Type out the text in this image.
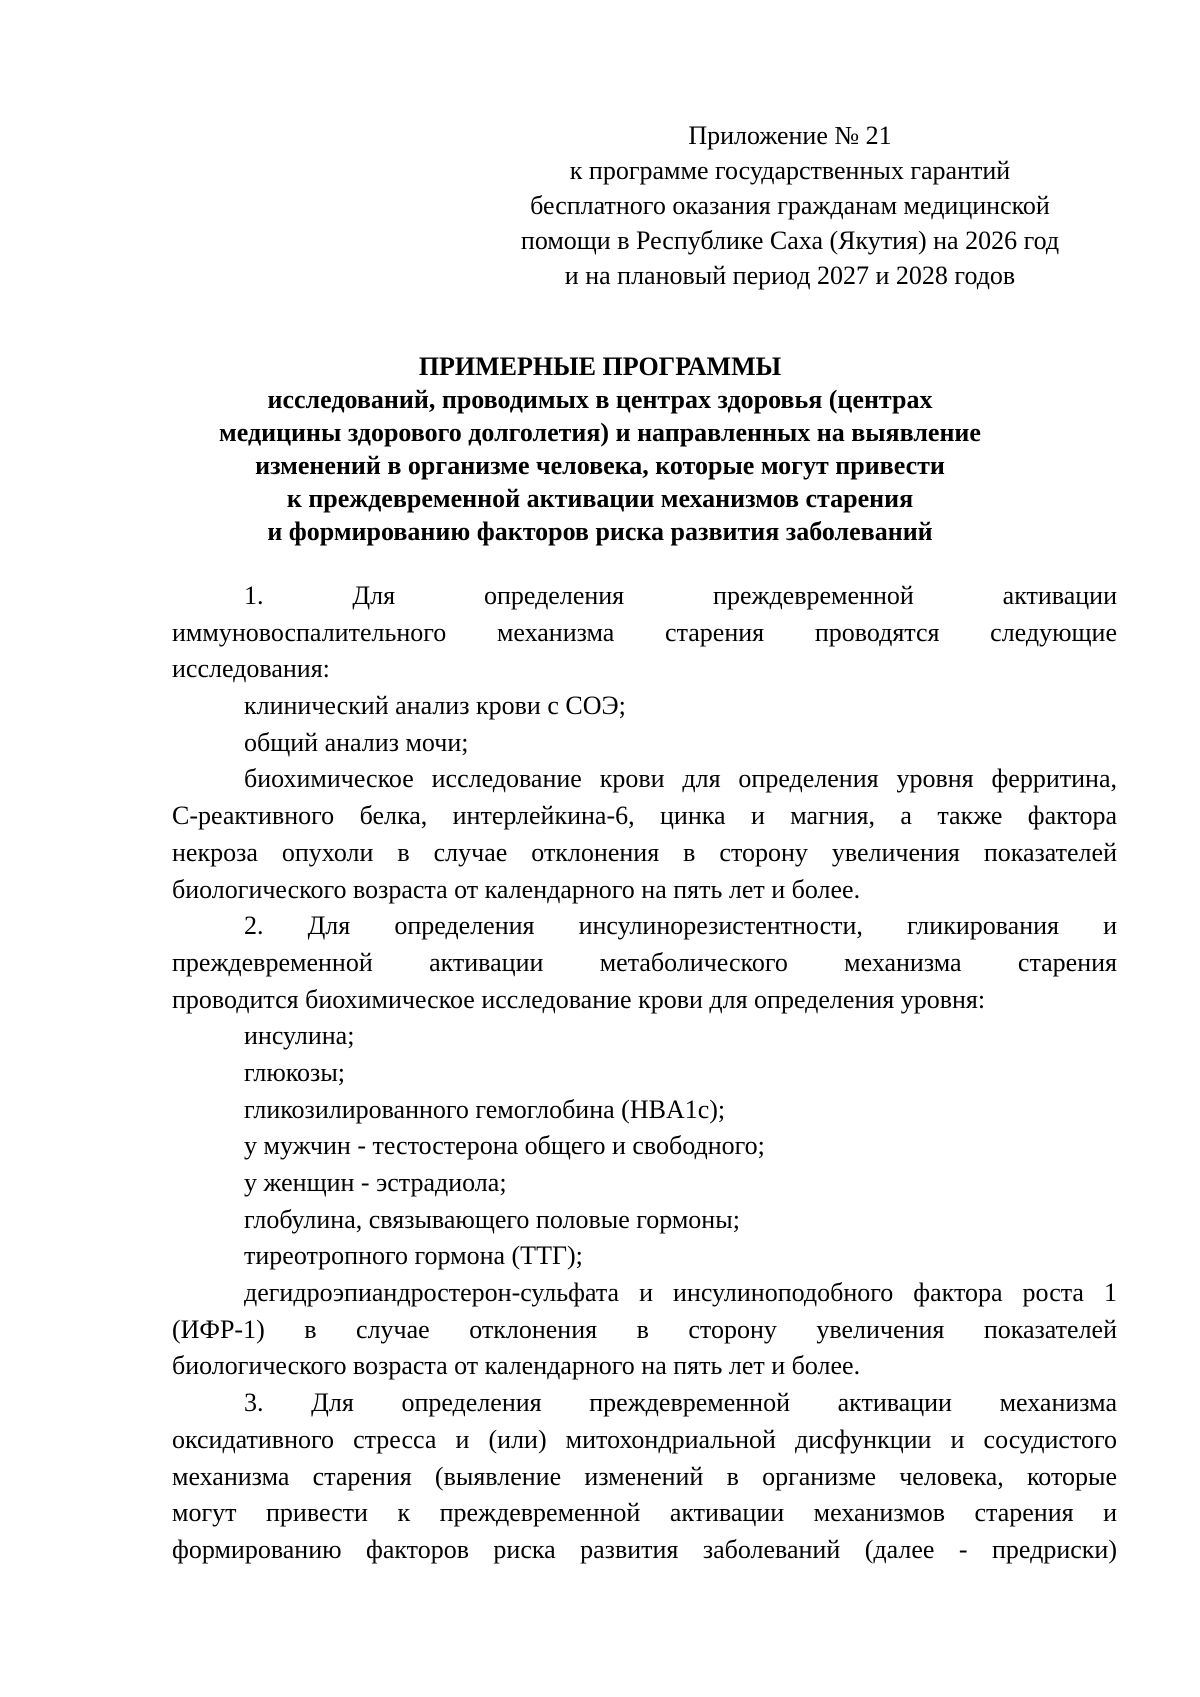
Приложение № 21
к программе государственных гарантий
бесплатного оказания гражданам медицинской
помощи в Республике Саха (Якутия) на 2026 год
и на плановый период 2027 и 2028 годов
ПРИМЕРНЫЕ ПРОГРАММЫ
исследований, проводимых в центрах здоровья (центрах
медицины здорового долголетия) и направленных на выявление
изменений в организме человека, которые могут привести
к преждевременной активации механизмов старения
и формированию факторов риска развития заболеваний
1. Для определения преждевременной активации
иммуновоспалительного механизма старения проводятся следующие
исследования:
клинический анализ крови с СОЭ;
общий анализ мочи;
биохимическое исследование крови для определения уровня ферритина,
С-реактивного белка, интерлейкина-6, цинка и магния, а также фактора
некроза опухоли в случае отклонения в сторону увеличения показателей
биологического возраста от календарного на пять лет и более.
2. Для определения инсулинорезистентности, гликирования и
преждевременной активации метаболического механизма старения
проводится биохимическое исследование крови для определения уровня:
инсулина;
глюкозы;
гликозилированного гемоглобина (HBA1c);
у мужчин - тестостерона общего и свободного;
у женщин - эстрадиола;
глобулина, связывающего половые гормоны;
тиреотропного гормона (ТТГ);
дегидроэпиандростерон-сульфата и инсулиноподобного фактора роста 1
(ИФР-1) в случае отклонения в сторону увеличения показателей
биологического возраста от календарного на пять лет и более.
3. Для определения преждевременной активации механизма
оксидативного стресса и (или) митохондриальной дисфункции и сосудистого
механизма старения (выявление изменений в организме человека, которые
могут привести к преждевременной активации механизмов старения и
формированию факторов риска развития заболеваний (далее - предриски)
